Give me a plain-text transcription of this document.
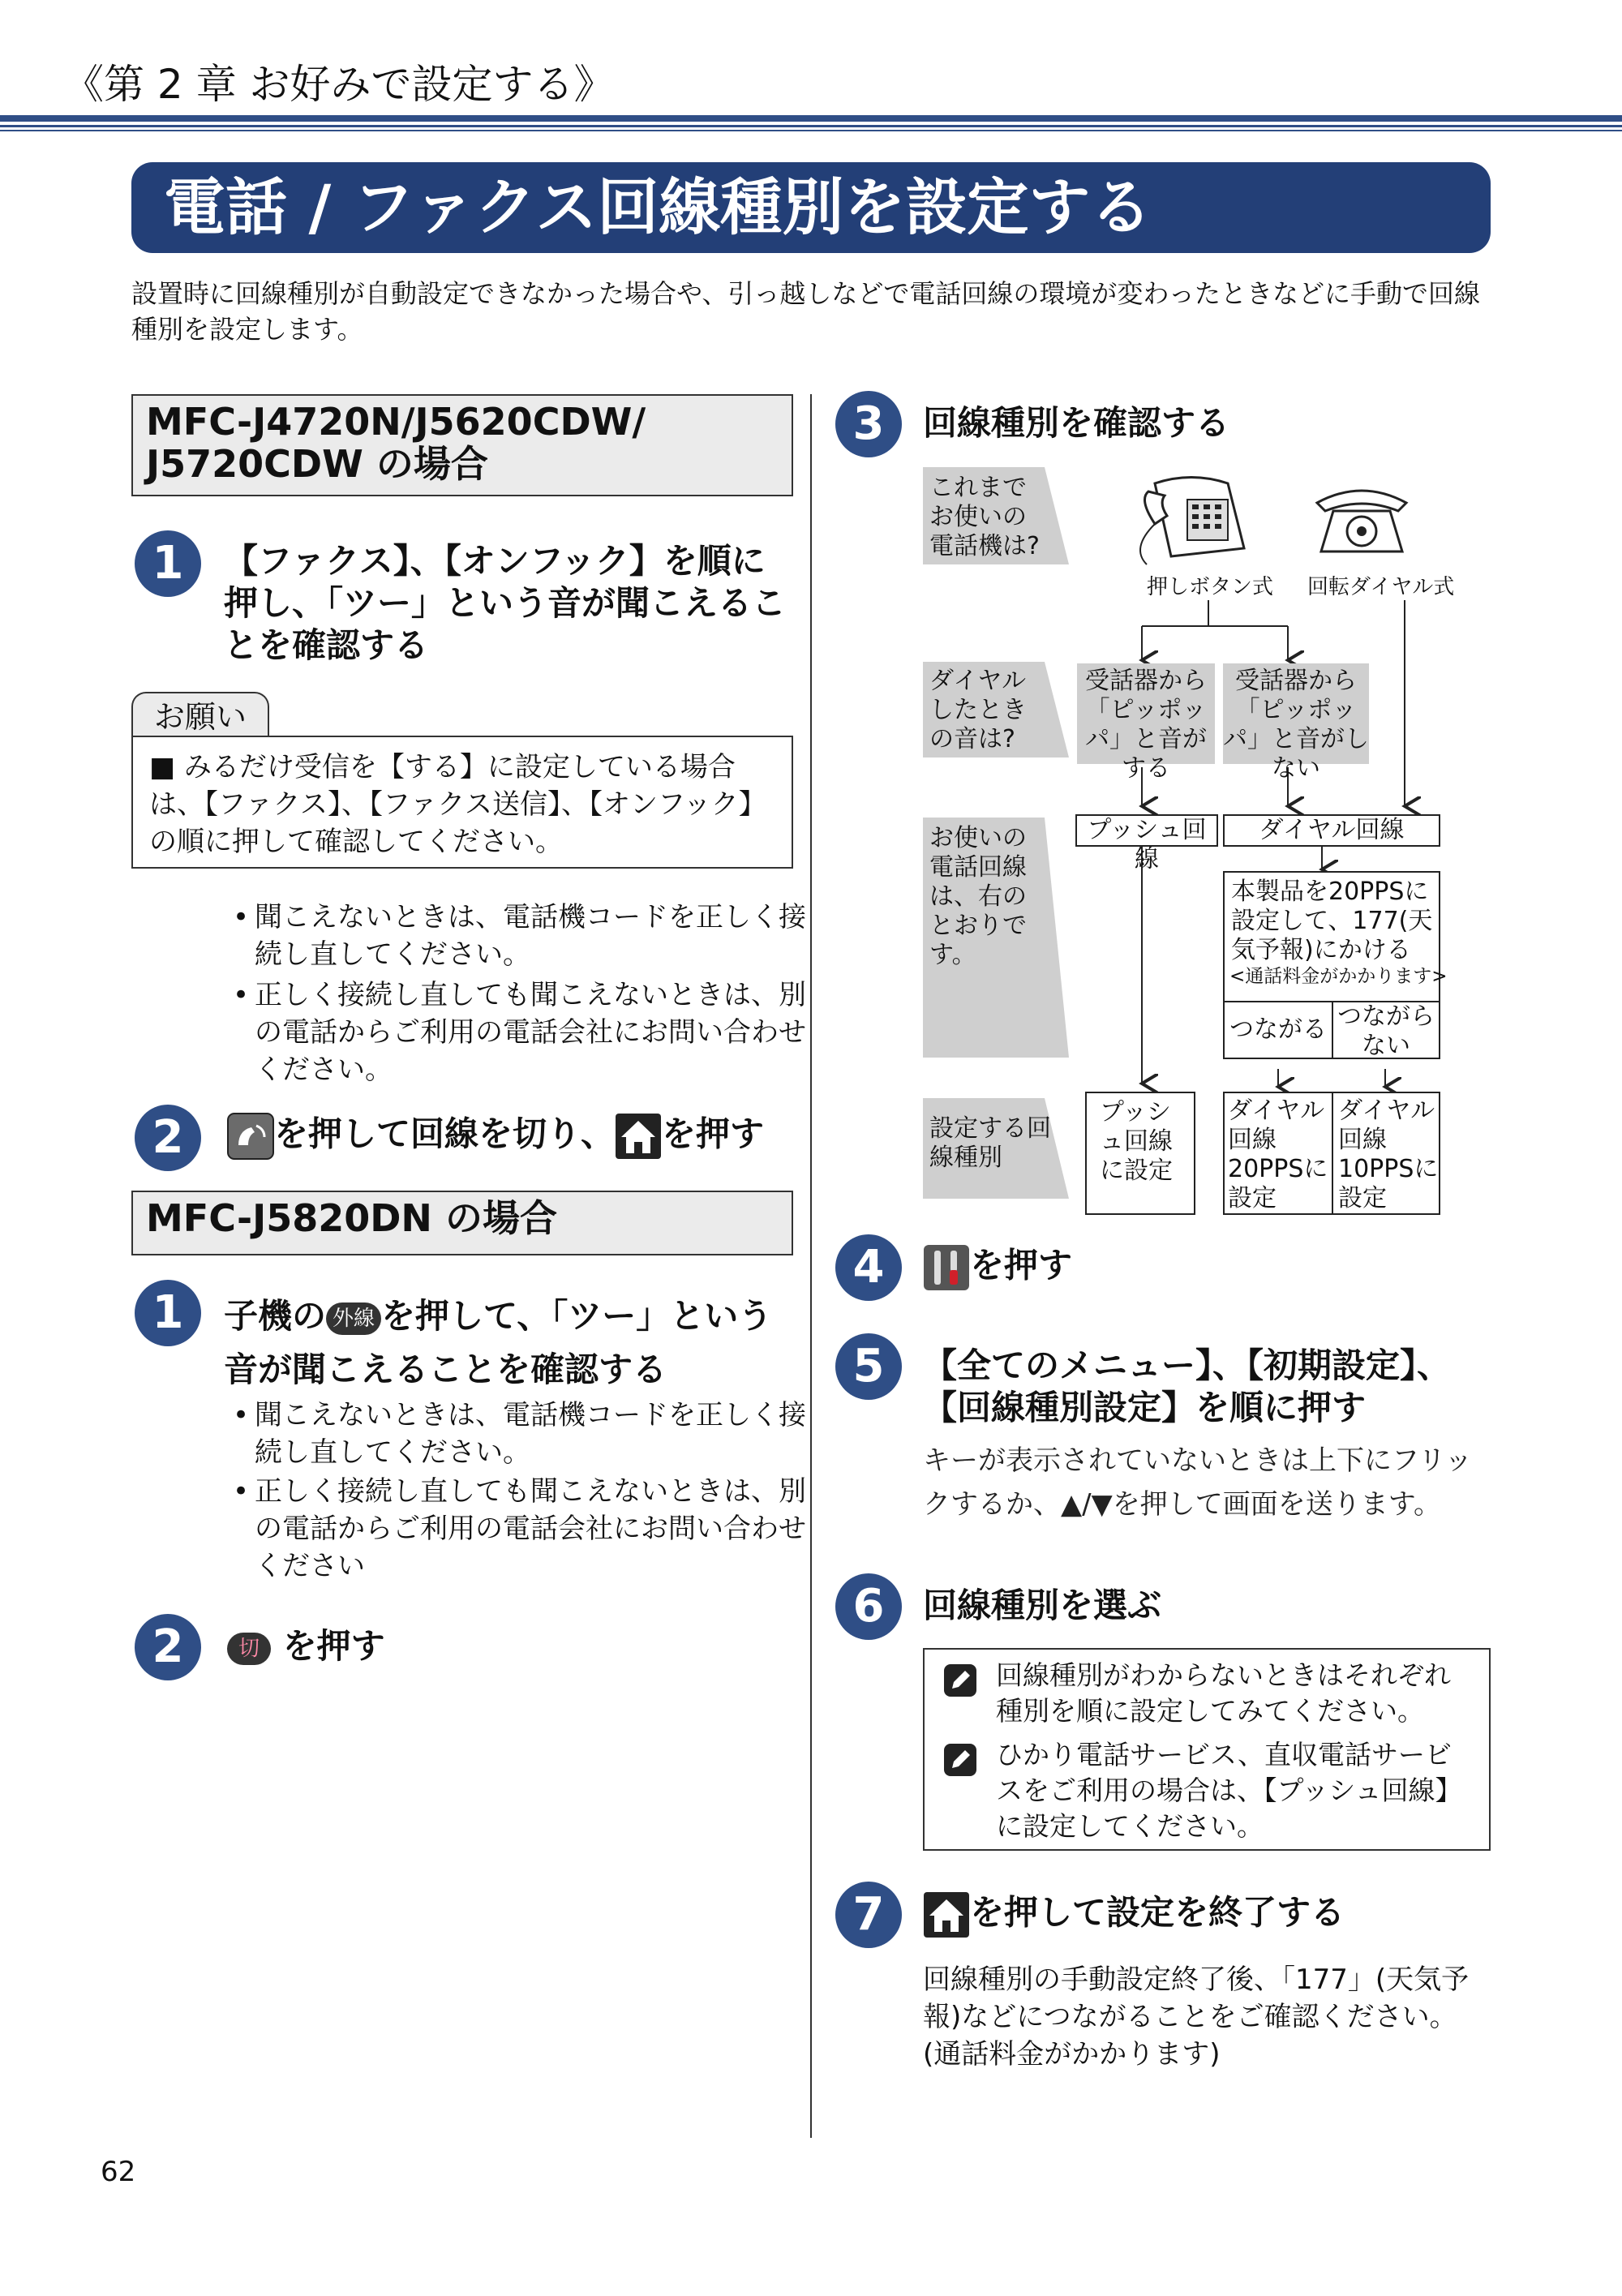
《第 2 章 お好みで設定する》
電話 / ファクス回線種別を設定する
設置時に回線種別が自動設定できなかった場合や、引っ越しなどで電話回線の環境が変わったときなどに手動で回線種別を設定します。
MFC-J4720N/J5620CDW/ J5720CDW の場合
1	【ファクス】、【オンフック】を順に押し、「ツー」という音が聞こえることを確認する
お願い
■ みるだけ受信を【する】に設定している場合は、【ファクス】、【ファクス送信】、【オンフック】の順に押して確認してください。
• 聞こえないときは、電話機コードを正しく接続し直してください。
• 正しく接続し直しても聞こえないときは、別の電話からご利用の電話会社にお問い合わせください。
2	を押して回線を切り、 を押す
MFC-J5820DN の場合
1	子機の 外線 を押して、「ツー」という音が聞こえることを確認する
• 聞こえないときは、電話機コードを正しく接続し直してください。
• 正しく接続し直しても聞こえないときは、別の電話からご利用の電話会社にお問い合わせください
2	切 を押す
3	回線種別を確認する
これまでお使いの電話機は?
ダイヤルしたときの音は?
お使いの電話回線は、右のとおりです。
設定する回線種別
押しボタン式 回転ダイヤル式
受話器から「ピッポッパ」と音がする
受話器から「ピッポッパ」と音がしない
プッシュ回線
ダイヤル回線
本製品を20PPSに設定して、177(天気予報)にかける
<通話料金がかかります>
つながる つながらない
プッシュ回線に設定
ダイヤル回線20PPSに設定
ダイヤル回線10PPSに設定
4	を押す
5	【全てのメニュー】、【初期設定】、【回線種別設定】を順に押す
キーが表示されていないときは上下にフリックするか、▲/▼を押して画面を送ります。
6	回線種別を選ぶ
回線種別がわからないときはそれぞれ種別を順に設定してみてください。
ひかり電話サービス、直収電話サービスをご利用の場合は、【プッシュ回線】に設定してください。
7	を押して設定を終了する
回線種別の手動設定終了後、「177」(天気予報)などにつながることをご確認ください。(通話料金がかかります)
62
